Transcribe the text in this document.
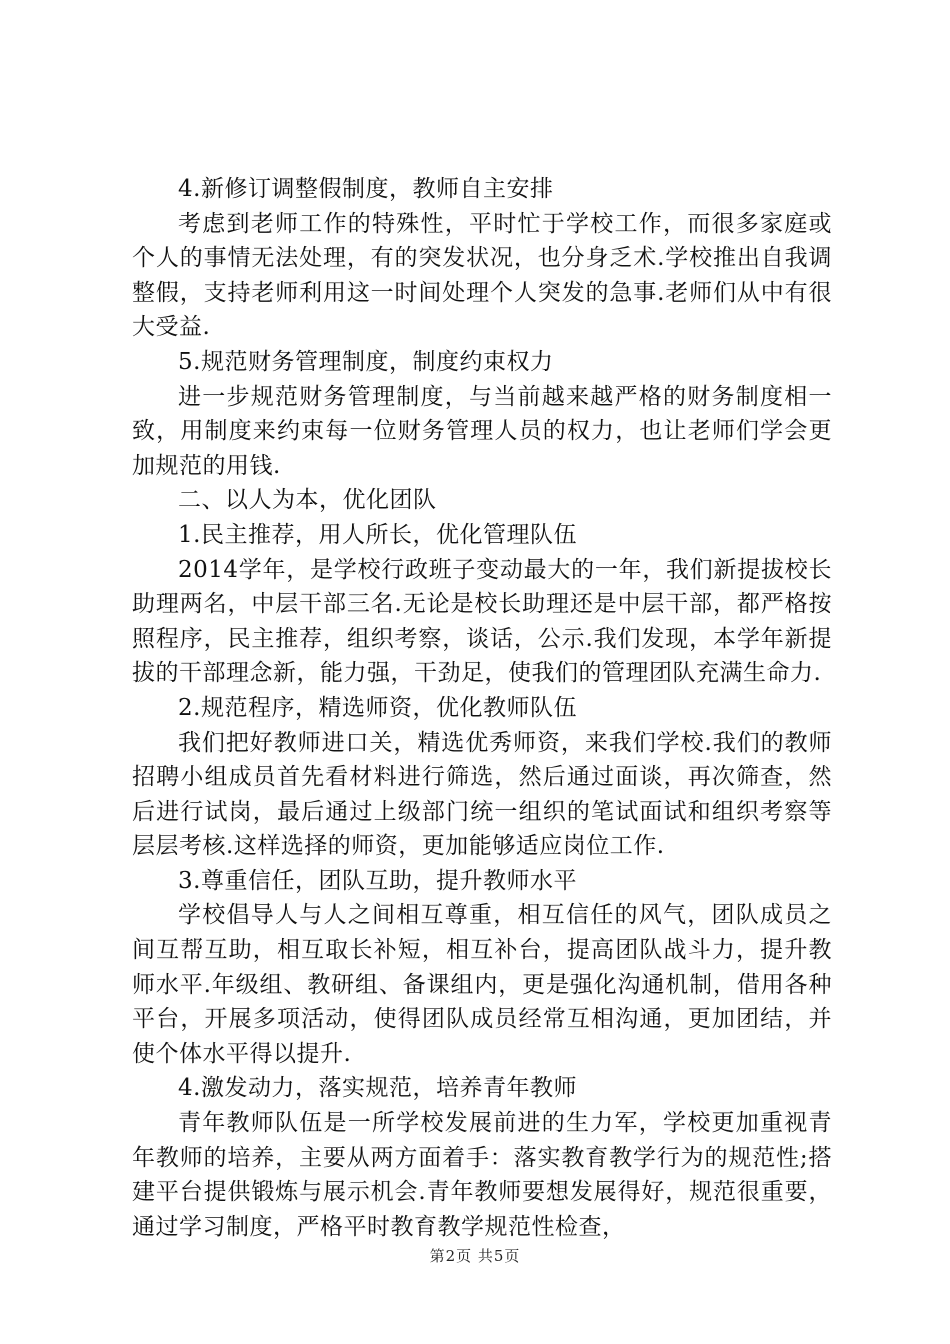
4.新修订调整假制度，教师自主安排

考虑到老师工作的特殊性，平时忙于学校工作，而很多家庭或个人的事情无法处理，有的突发状况，也分身乏术.学校推出自我调整假，支持老师利用这一时间处理个人突发的急事.老师们从中有很大受益.

5.规范财务管理制度，制度约束权力

进一步规范财务管理制度，与当前越来越严格的财务制度相一致，用制度来约束每一位财务管理人员的权力，也让老师们学会更加规范的用钱.

二、以人为本，优化团队

1.民主推荐，用人所长，优化管理队伍

2014学年，是学校行政班子变动最大的一年，我们新提拔校长助理两名，中层干部三名.无论是校长助理还是中层干部，都严格按照程序，民主推荐，组织考察，谈话，公示.我们发现，本学年新提拔的干部理念新，能力强，干劲足，使我们的管理团队充满生命力.

2.规范程序，精选师资，优化教师队伍

我们把好教师进口关，精选优秀师资，来我们学校.我们的教师招聘小组成员首先看材料进行筛选，然后通过面谈，再次筛查，然后进行试岗，最后通过上级部门统一组织的笔试面试和组织考察等层层考核.这样选择的师资，更加能够适应岗位工作.

3.尊重信任，团队互助，提升教师水平

学校倡导人与人之间相互尊重，相互信任的风气，团队成员之间互帮互助，相互取长补短，相互补台，提高团队战斗力，提升教师水平.年级组、教研组、备课组内，更是强化沟通机制，借用各种平台，开展多项活动，使得团队成员经常互相沟通，更加团结，并使个体水平得以提升.

4.激发动力，落实规范，培养青年教师

青年教师队伍是一所学校发展前进的生力军，学校更加重视青年教师的培养，主要从两方面着手：落实教育教学行为的规范性;搭建平台提供锻炼与展示机会.青年教师要想发展得好，规范很重要，通过学习制度，严格平时教育教学规范性检查，

第2页 共5页
